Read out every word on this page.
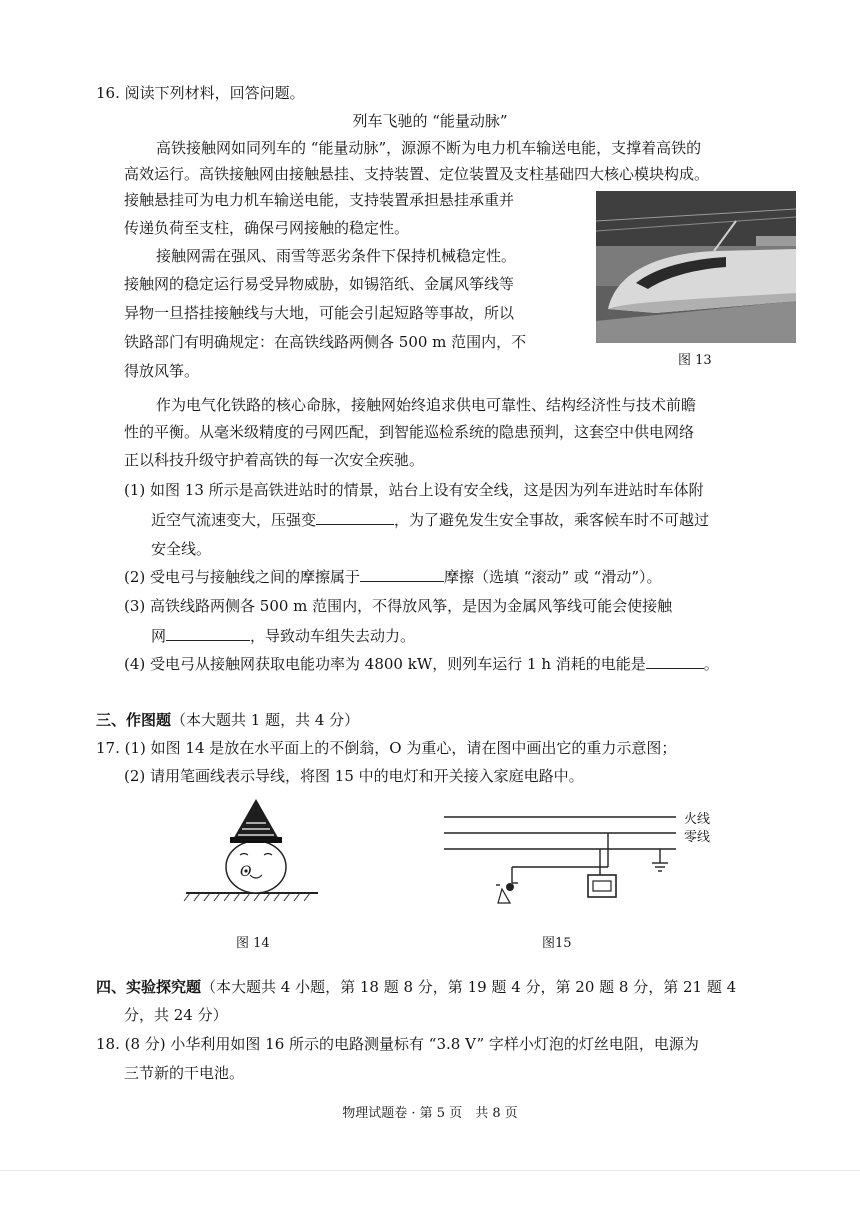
16. 阅读下列材料，回答问题。
列车飞驰的 “能量动脉”
高铁接触网如同列车的 “能量动脉”，源源不断为电力机车输送电能，支撑着高铁的
高效运行。高铁接触网由接触悬挂、支持装置、定位装置及支柱基础四大核心模块构成。
接触悬挂可为电力机车输送电能，支持装置承担悬挂承重并
传递负荷至支柱，确保弓网接触的稳定性。
接触网需在强风、雨雪等恶劣条件下保持机械稳定性。
接触网的稳定运行易受异物威胁，如锡箔纸、金属风筝线等
异物一旦搭挂接触线与大地，可能会引起短路等事故，所以
铁路部门有明确规定：在高铁线路两侧各 500 m 范围内，不
得放风筝。
图 13
作为电气化铁路的核心命脉，接触网始终追求供电可靠性、结构经济性与技术前瞻
性的平衡。从毫米级精度的弓网匹配，到智能巡检系统的隐患预判，这套空中供电网络
正以科技升级守护着高铁的每一次安全疾驰。
(1) 如图 13 所示是高铁进站时的情景，站台上设有安全线，这是因为列车进站时车体附
近空气流速变大，压强变	，为了避免发生安全事故，乘客候车时不可越过
安全线。
(2) 受电弓与接触线之间的摩擦属于	摩擦（选填 “滚动” 或 “滑动”）。
(3) 高铁线路两侧各 500 m 范围内，不得放风筝，是因为金属风筝线可能会使接触
网	，导致动车组失去动力。
(4) 受电弓从接触网获取电能功率为 4800 kW，则列车运行 1 h 消耗的电能是	。
三、作图题（本大题共 1 题，共 4 分）
17. (1) 如图 14 是放在水平面上的不倒翁，O 为重心，请在图中画出它的重力示意图；
(2) 请用笔画线表示导线，将图 15 中的电灯和开关接入家庭电路中。
O
图 14
火线
零线
图15
四、实验探究题（本大题共 4 小题，第 18 题 8 分，第 19 题 4 分，第 20 题 8 分，第 21 题 4
分，共 24 分）
18. (8 分) 小华利用如图 16 所示的电路测量标有 “3.8 V” 字样小灯泡的灯丝电阻，电源为
三节新的干电池。
物理试题卷 · 第 5 页　共 8 页
